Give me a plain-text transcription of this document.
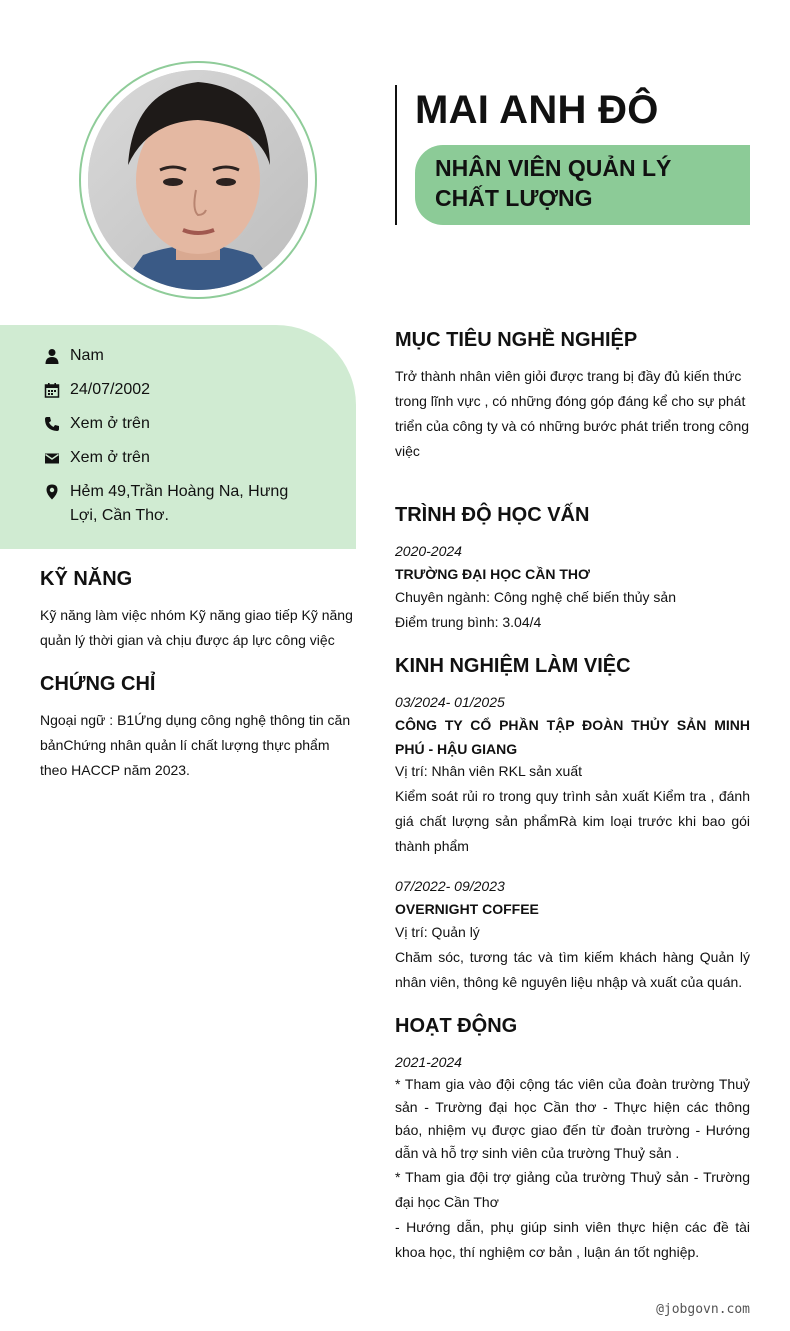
MAI ANH ĐÔ
NHÂN VIÊN QUẢN LÝ CHẤT LƯỢNG
Nam
24/07/2002
Xem ở trên
Xem ở trên
Hẻm 49,Trần Hoàng Na, Hưng Lợi, Cần Thơ.
KỸ NĂNG
Kỹ năng làm việc nhóm Kỹ năng giao tiếp Kỹ năng quản lý thời gian và chịu được áp lực công việc
CHỨNG CHỈ
Ngoại ngữ : B1Ứng dụng công nghệ thông tin căn bảnChứng nhân quản lí chất lượng thực phẩm theo HACCP năm 2023.
MỤC TIÊU NGHỀ NGHIỆP
Trở thành nhân viên giỏi được trang bị đầy đủ kiến thức trong lĩnh vực , có những đóng góp đáng kể cho sự phát triển của công ty và có những bước phát triển trong công việc
TRÌNH ĐỘ HỌC VẤN
2020-2024
TRƯỜNG ĐẠI HỌC CẦN THƠ
Chuyên ngành: Công nghệ chế biến thủy sản
Điểm trung bình: 3.04/4
KINH NGHIỆM LÀM VIỆC
03/2024- 01/2025
CÔNG TY CỔ PHẦN TẬP ĐOÀN THỦY SẢN MINH PHÚ - HẬU GIANG
Vị trí: Nhân viên RKL sản xuất
Kiểm soát rủi ro trong quy trình sản xuất Kiểm tra , đánh giá chất lượng sản phẩmRà kim loại trước khi bao gói thành phẩm
07/2022- 09/2023
OVERNIGHT COFFEE
Vị trí: Quản lý
Chăm sóc, tương tác và tìm kiếm khách hàng Quản lý nhân viên, thông kê nguyên liệu nhập và xuất của quán.
HOẠT ĐỘNG
2021-2024
* Tham gia vào đội cộng tác viên của đoàn trường Thuỷ sản - Trường đại học Cần thơ - Thực hiện các thông báo, nhiệm vụ được giao đến từ đoàn trường - Hướng dẫn và hỗ trợ sinh viên của trường Thuỷ sản .
* Tham gia đội trợ giảng của trường Thuỷ sản - Trường đại học Cần Thơ
- Hướng dẫn, phụ giúp sinh viên thực hiện các đề tài khoa học, thí nghiệm cơ bản , luận án tốt nghiệp.
@jobgovn.com
